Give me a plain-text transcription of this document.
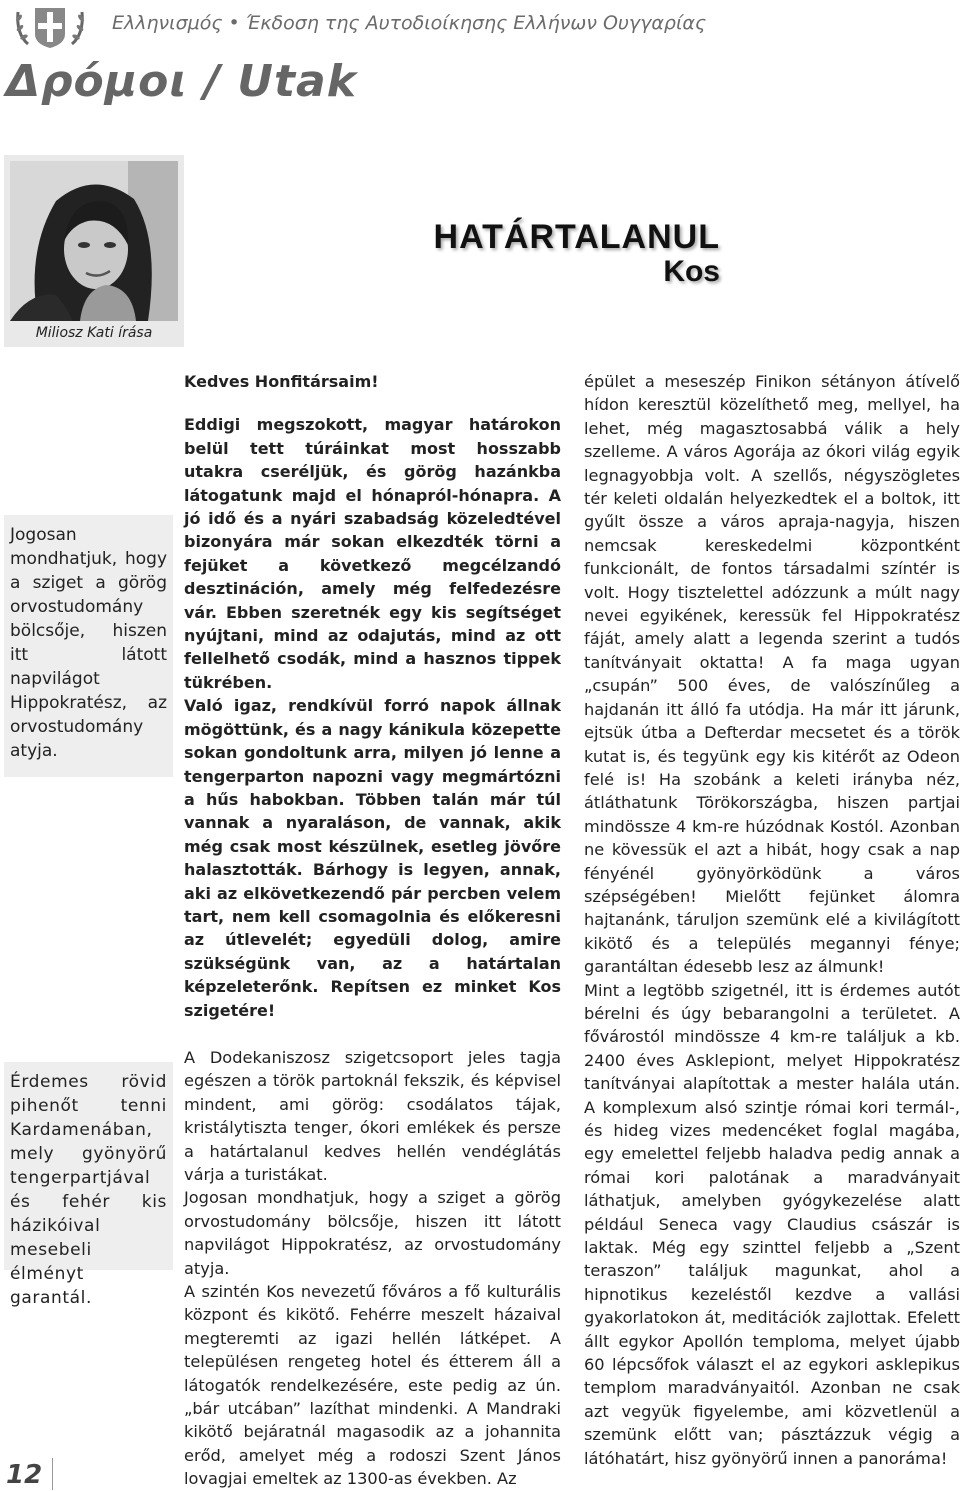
Ελληνισμός • Έκδοση της Αυτοδιοίκησης Ελλήνων Ουγγαρίας
Δρόμοι / Utak
Miliosz Kati írása
HATÁRTALANUL
Kos
Jogosan mondhatjuk, hogy a sziget a görög orvostudomány bölcsője, hiszen itt látott napvilágot Hippokratész, az orvostudomány atyja.
Érdemes rövid pihenőt tenni Kardamenában, mely gyönyörű tengerpartjával és fehér kis házikóival mesebeli élményt garantál.

Kedves Honfitársaim!

Eddigi megszokott, magyar határokon belül tett túráinkat most hosszabb utakra cseréljük, és görög hazánkba látogatunk majd el hónapról-hónapra. A jó idő és a nyári szabadság közeledtével bizonyára már sokan elkezdték törni a fejüket a következő megcélzandó desztináción, amely még felfedezésre vár. Ebben szeretnék egy kis segítséget nyújtani, mind az odajutás, mind az ott fellelhető csodák, mind a hasznos tippek tükrében.

Való igaz, rendkívül forró napok állnak mögöttünk, és a nagy kánikula közepette sokan gondoltunk arra, milyen jó lenne a tengerparton napozni vagy megmártózni a hűs habokban. Többen talán már túl vannak a nyaraláson, de vannak, akik még csak most készülnek, esetleg jövőre halasztották. Bárhogy is legyen, annak, aki az elkövetkezendő pár percben velem tart, nem kell csomagolnia és előkeresni az útlevelét; egyedüli dolog, amire szükségünk van, az a határtalan képzeleterőnk. Repítsen ez minket Kos szigetére!

A Dodekaniszosz szigetcsoport jeles tagja egészen a török partoknál fekszik, és képvisel mindent, ami görög: csodálatos tájak, kristálytiszta tenger, ókori emlékek és persze a határtalanul kedves hellén vendéglátás várja a turistákat.

Jogosan mondhatjuk, hogy a sziget a görög orvostudomány bölcsője, hiszen itt látott napvilágot Hippokratész, az orvostudomány atyja.

A szintén Kos nevezetű főváros a fő kulturális központ és kikötő. Fehérre meszelt házaival megteremti az igazi hellén látképet. A településen rengeteg hotel és étterem áll a látogatók rendelkezésére, este pedig az ún. „bár utcában” lazíthat mindenki. A Mandraki kikötő bejáratnál magasodik az a johannita erőd, amelyet még a rodoszi Szent János lovagjai emeltek az 1300-as években. Az

épület a meseszép Finikon sétányon átívelő hídon keresztül közelíthető meg, mellyel, ha lehet, még magasztosabbá válik a hely szelleme. A város Agorája az ókori világ egyik legnagyobbja volt. A szellős, négyszögletes tér keleti oldalán helyezkedtek el a boltok, itt gyűlt össze a város apraja-nagyja, hiszen nemcsak kereskedelmi központként funkcionált, de fontos társadalmi színtér is volt. Hogy tisztelettel adózzunk a múlt nagy nevei egyikének, keressük fel Hippokratész fáját, amely alatt a legenda szerint a tudós tanítványait oktatta! A fa maga ugyan „csupán” 500 éves, de valószínűleg a hajdanán itt álló fa utódja. Ha már itt járunk, ejtsük útba a Defterdar mecsetet és a török kutat is, és tegyünk egy kis kitérőt az Odeon felé is! Ha szobánk a keleti irányba néz, átláthatunk Törökországba, hiszen partjai mindössze 4 km-re húzódnak Kostól. Azonban ne kövessük el azt a hibát, hogy csak a nap fényénél gyönyörködünk a város szépségében! Mielőtt fejünket álomra hajtanánk, táruljon szemünk elé a kivilágított kikötő és a település megannyi fénye; garantáltan édesebb lesz az álmunk!

Mint a legtöbb szigetnél, itt is érdemes autót bérelni és úgy bebarangolni a területet. A fővárostól mindössze 4 km-re találjuk a kb. 2400 éves Asklepiont, melyet Hippokratész tanítványai alapítottak a mester halála után. A komplexum alsó szintje római kori termál-, és hideg vizes medencéket foglal magába, egy emelettel feljebb haladva pedig annak a római kori palotának a maradványait láthatjuk, amelyben gyógykezelése alatt például Seneca vagy Claudius császár is laktak. Még egy szinttel feljebb a „Szent teraszon” találjuk magunkat, ahol a hipnotikus kezeléstől kezdve a vallási gyakorlatokon át, meditációk zajlottak. Efelett állt egykor Apollón templomа, melyet újabb 60 lépcsőfok választ el az egykori asklepikus templom maradványaitól. Azonban ne csak azt vegyük figyelembe, ami közvetlenül a szemünk előtt van; pásztázzuk végig a látóhatárt, hisz gyönyörű innen a panoráma!

12
